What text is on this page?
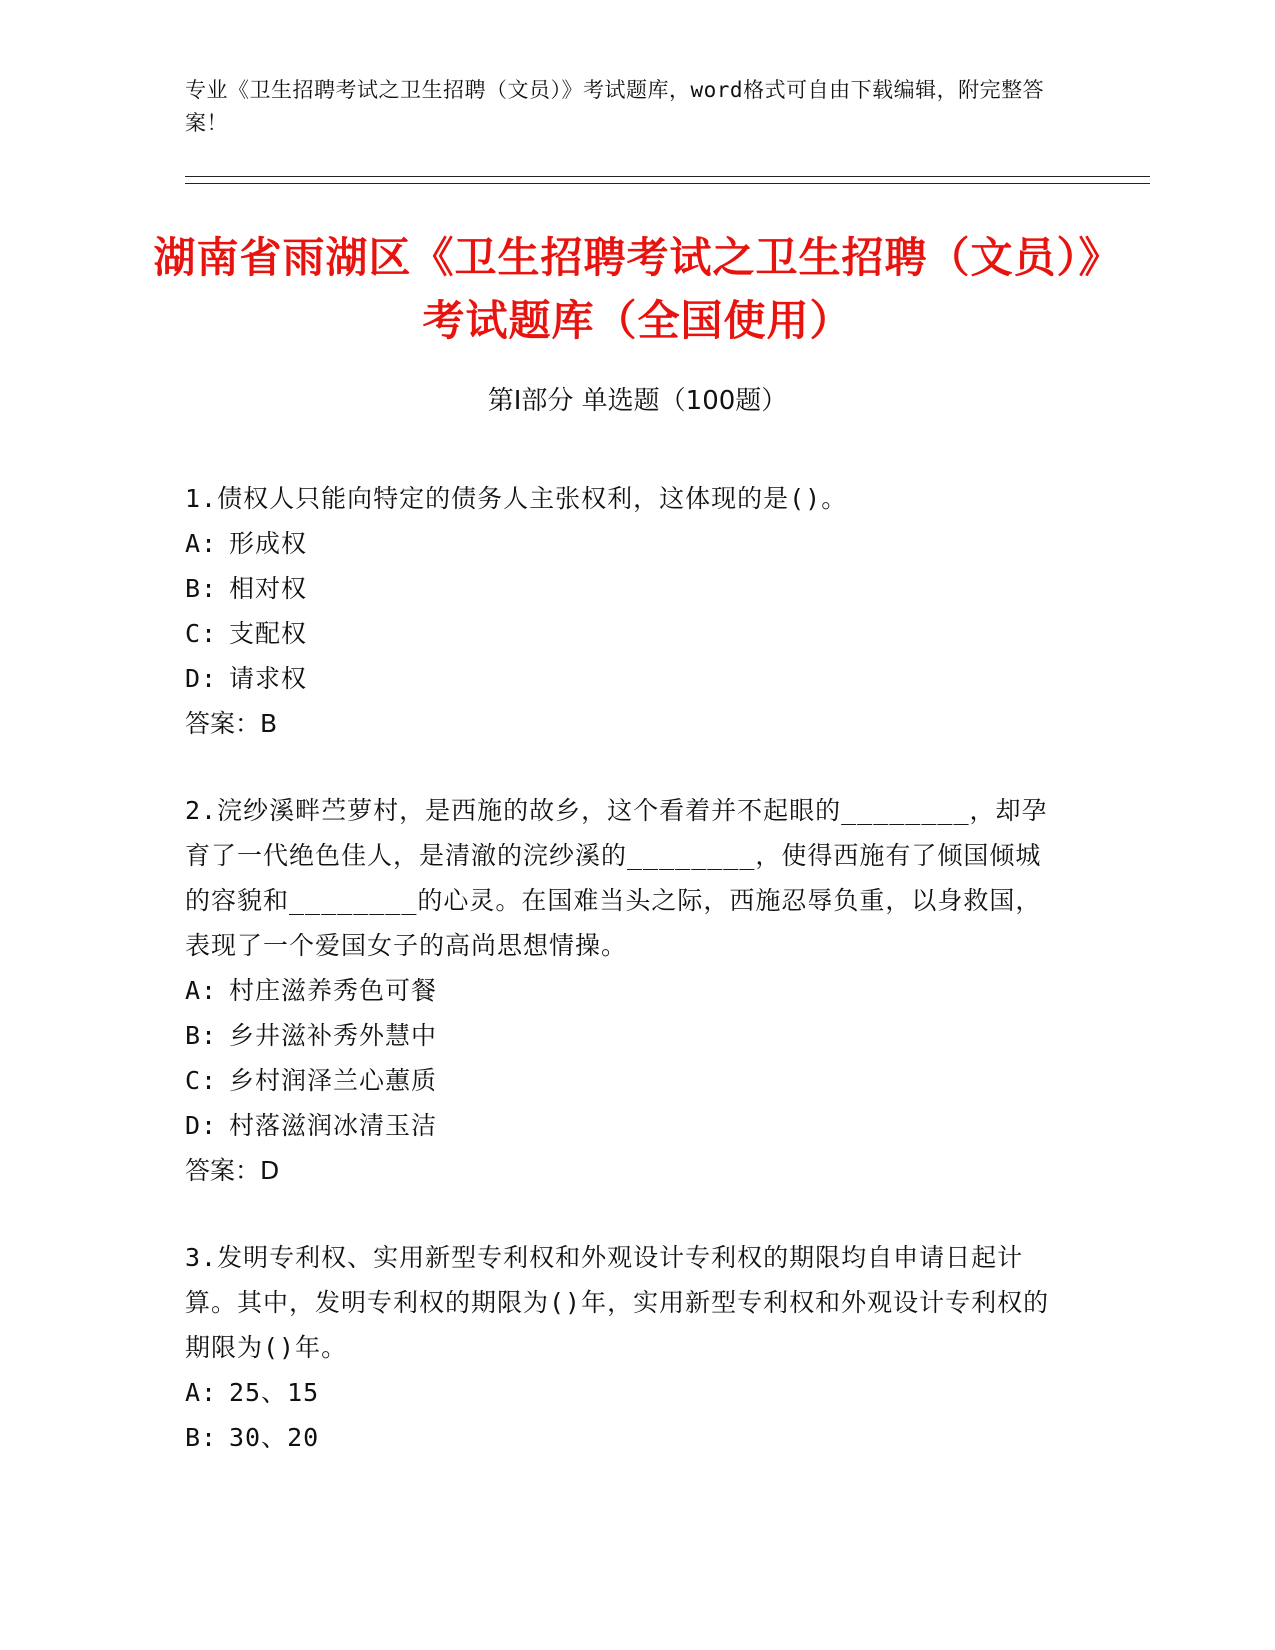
专业《卫生招聘考试之卫生招聘（文员）》考试题库，word格式可自由下载编辑，附完整答案！
湖南省雨湖区《卫生招聘考试之卫生招聘（文员）》考试题库（全国使用）
第Ⅰ部分 单选题（100题）

1.债权人只能向特定的债务人主张权利，这体现的是()。

A: 形成权

B: 相对权

C: 支配权

D: 请求权

答案：B

2.浣纱溪畔苎萝村，是西施的故乡，这个看着并不起眼的________，却孕育了一代绝色佳人，是清澈的浣纱溪的________，使得西施有了倾国倾城的容貌和________的心灵。在国难当头之际，西施忍辱负重，以身救国，表现了一个爱国女子的高尚思想情操。

A: 村庄滋养秀色可餐

B: 乡井滋补秀外慧中

C: 乡村润泽兰心蕙质

D: 村落滋润冰清玉洁

答案：D

3.发明专利权、实用新型专利权和外观设计专利权的期限均自申请日起计算。其中，发明专利权的期限为()年，实用新型专利权和外观设计专利权的期限为()年。

A: 25、15

B: 30、20
